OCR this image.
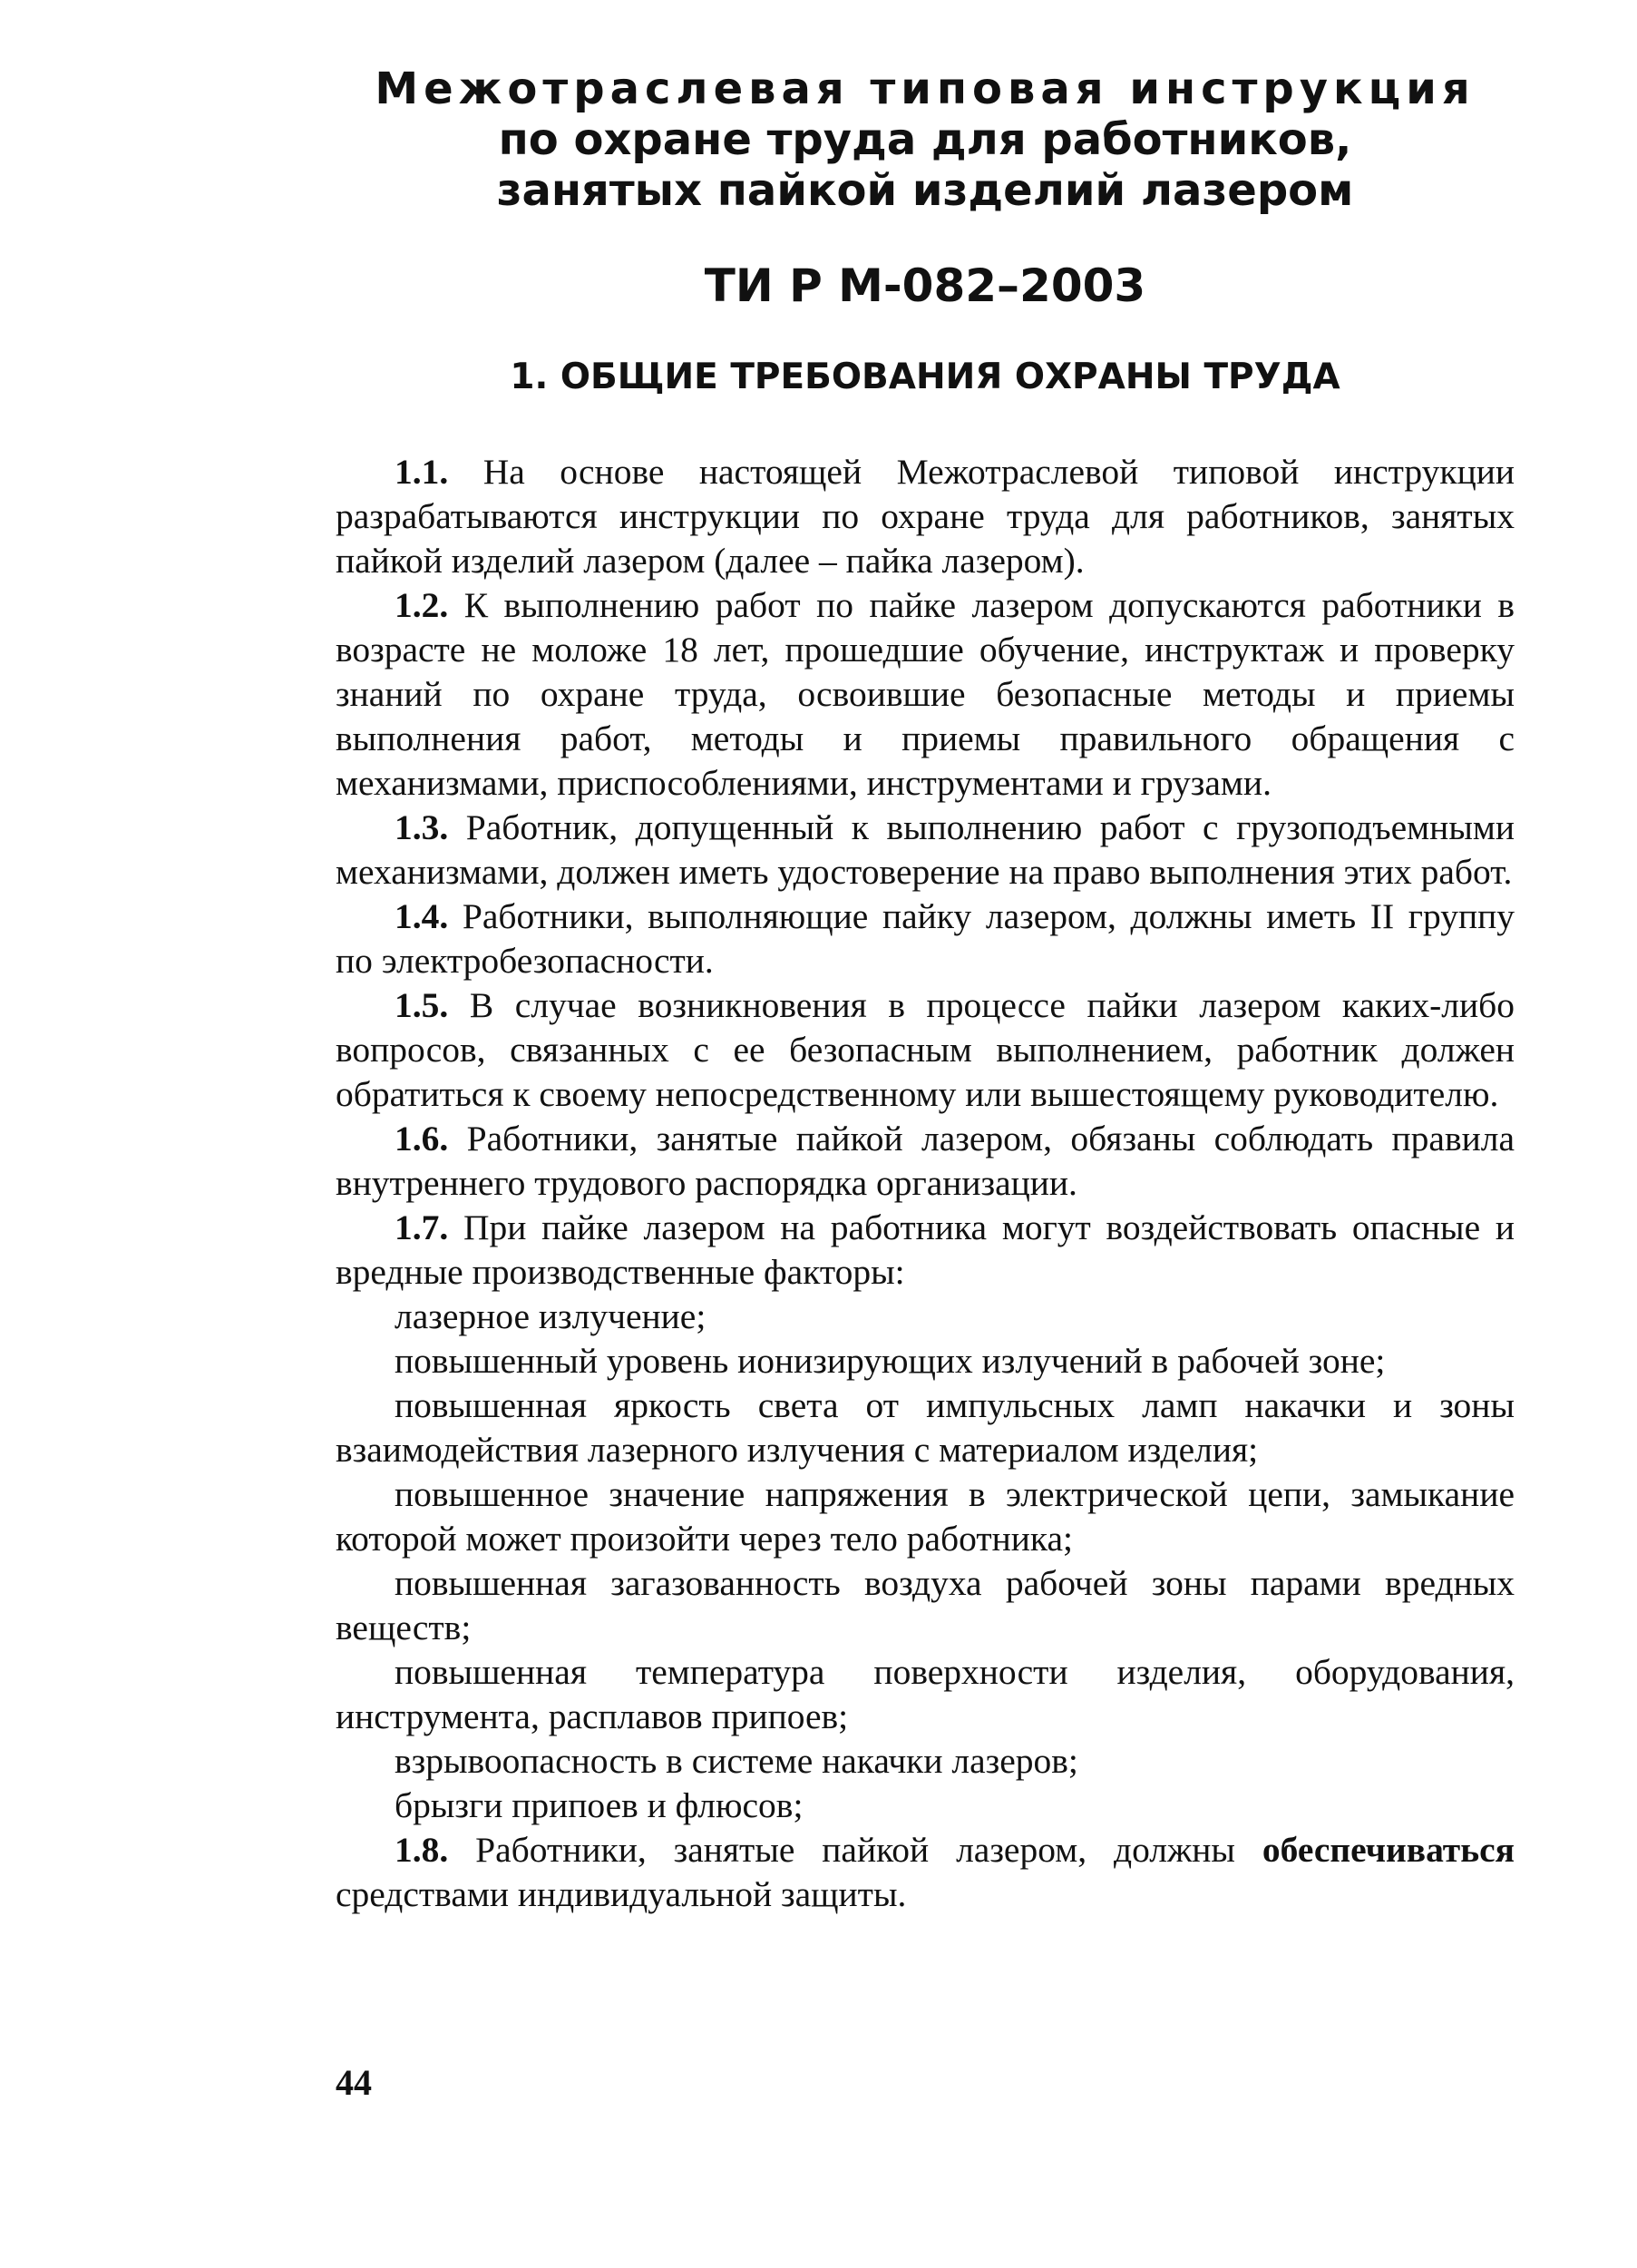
Межотраслевая типовая инструкция

по охране труда для работников,

занятых пайкой изделий лазером

ТИ Р М-082–2003
1. ОБЩИЕ ТРЕБОВАНИЯ ОХРАНЫ ТРУДА

1.1. На основе настоящей Межотраслевой типовой инструкции разрабатываются инструкции по охране труда для работников, занятых пайкой изделий лазером (далее – пайка лазером).

1.2. К выполнению работ по пайке лазером допускаются работники в возрасте не моложе 18 лет, прошедшие обучение, инструктаж и проверку знаний по охране труда, освоившие безопасные методы и приемы выполнения работ, методы и приемы правильного обращения с механизмами, приспособлениями, инструментами и грузами.

1.3. Работник, допущенный к выполнению работ с грузоподъемными механизмами, должен иметь удостоверение на право выполнения этих работ.

1.4. Работники, выполняющие пайку лазером, должны иметь II группу по электробезопасности.

1.5. В случае возникновения в процессе пайки лазером каких-либо вопросов, связанных с ее безопасным выполнением, работник должен обратиться к своему непосредственному или вышестоящему руководителю.

1.6. Работники, занятые пайкой лазером, обязаны соблюдать правила внутреннего трудового распорядка организации.

1.7. При пайке лазером на работника могут воздействовать опасные и вредные производственные факторы:

лазерное излучение;

повышенный уровень ионизирующих излучений в рабочей зоне;

повышенная яркость света от импульсных ламп накачки и зоны взаимодействия лазерного излучения с материалом изделия;

повышенное значение напряжения в электрической цепи, замыкание которой может произойти через тело работника;

повышенная загазованность воздуха рабочей зоны парами вредных веществ;

повышенная температура поверхности изделия, оборудования, инструмента, расплавов припоев;

взрывоопасность в системе накачки лазеров;

брызги припоев и флюсов;

1.8. Работники, занятые пайкой лазером, должны обеспечиваться средствами индивидуальной защиты.

44
